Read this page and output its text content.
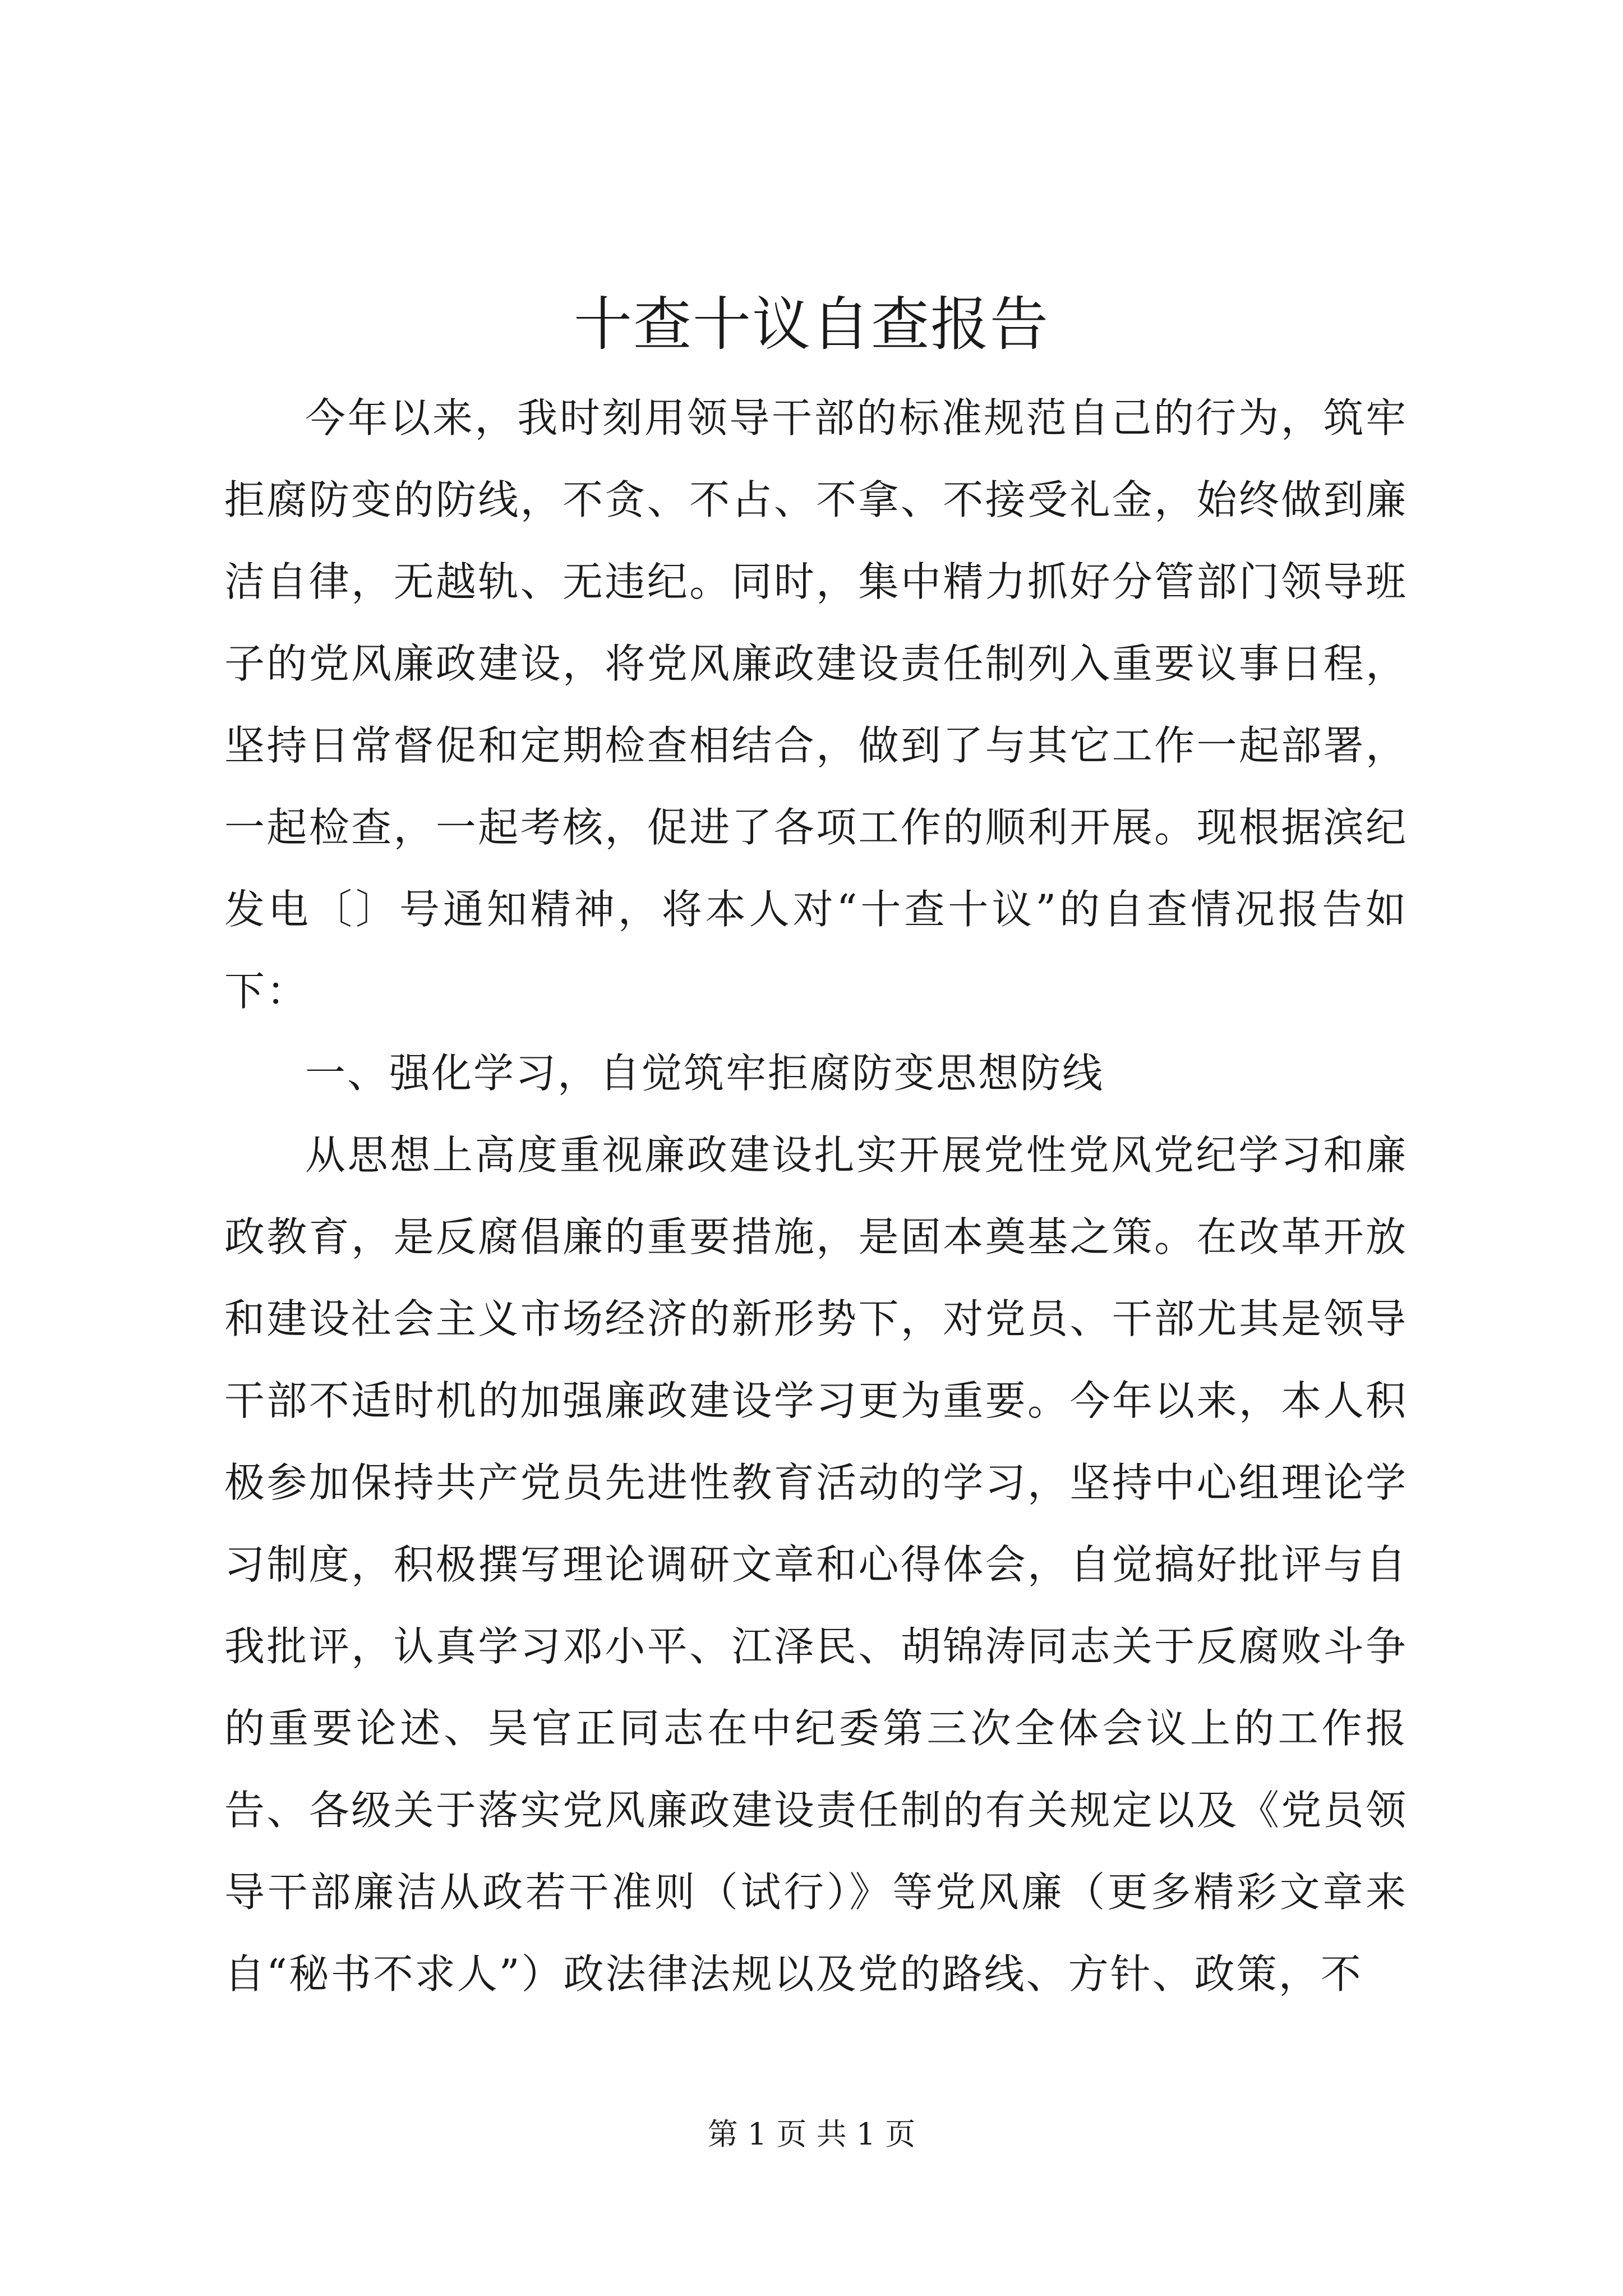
十查十议自查报告

今年以来，我时刻用领导干部的标准规范自己的行为，筑牢拒腐防变的防线，不贪、不占、不拿、不接受礼金，始终做到廉洁自律，无越轨、无违纪。同时，集中精力抓好分管部门领导班子的党风廉政建设，将党风廉政建设责任制列入重要议事日程，坚持日常督促和定期检查相结合，做到了与其它工作一起部署，一起检查，一起考核，促进了各项工作的顺利开展。现根据滨纪发电〔〕号通知精神，将本人对“十查十议”的自查情况报告如下：

一、强化学习，自觉筑牢拒腐防变思想防线

从思想上高度重视廉政建设扎实开展党性党风党纪学习和廉政教育，是反腐倡廉的重要措施，是固本奠基之策。在改革开放和建设社会主义市场经济的新形势下，对党员、干部尤其是领导干部不适时机的加强廉政建设学习更为重要。今年以来，本人积极参加保持共产党员先进性教育活动的学习，坚持中心组理论学习制度，积极撰写理论调研文章和心得体会，自觉搞好批评与自我批评，认真学习邓小平、江泽民、胡锦涛同志关于反腐败斗争的重要论述、吴官正同志在中纪委第三次全体会议上的工作报告、各级关于落实党风廉政建设责任制的有关规定以及《党员领导干部廉洁从政若干准则（试行）》等党风廉（更多精彩文章来自“秘书不求人”）政法律法规以及党的路线、方针、政策，不

第 1 页 共 1 页
